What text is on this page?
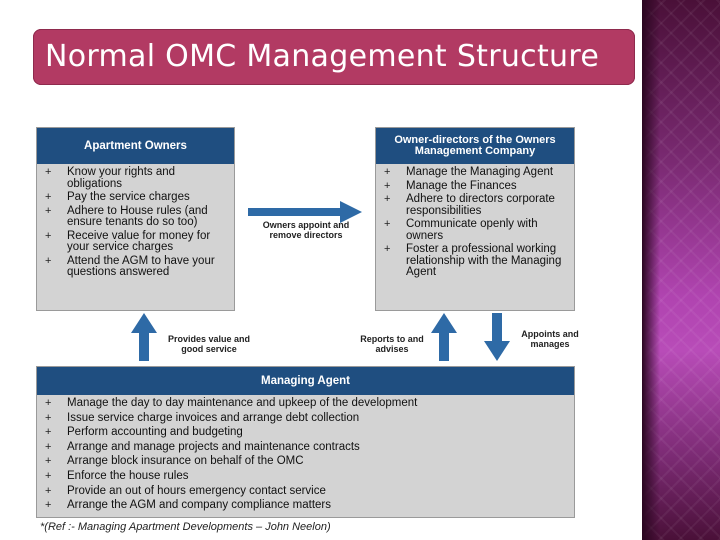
Normal OMC Management Structure
Apartment Owners
+ Know your rights and obligations
+ Pay the service charges
+ Adhere to House rules (and ensure tenants do so too)
+ Receive value for money for your service charges
+ Attend the AGM to have your questions answered
Owner-directors of the Owners Management Company
+ Manage the Managing Agent
+ Manage the Finances
+ Adhere to directors corporate responsibilities
+ Communicate openly with owners
+ Foster a professional working relationship with the Managing Agent
Owners appoint and remove directors
Provides value and good service
Reports to and advises
Appoints and manages
Managing Agent
+ Manage the day to day maintenance and upkeep of the development
+ Issue service charge invoices and arrange debt collection
+ Perform accounting and budgeting
+ Arrange and manage projects and maintenance contracts
+ Arrange block insurance on behalf of the OMC
+ Enforce the house rules
+ Provide an out of hours emergency contact service
+ Arrange the AGM and company compliance matters
*(Ref :- Managing Apartment Developments – John Neelon)
